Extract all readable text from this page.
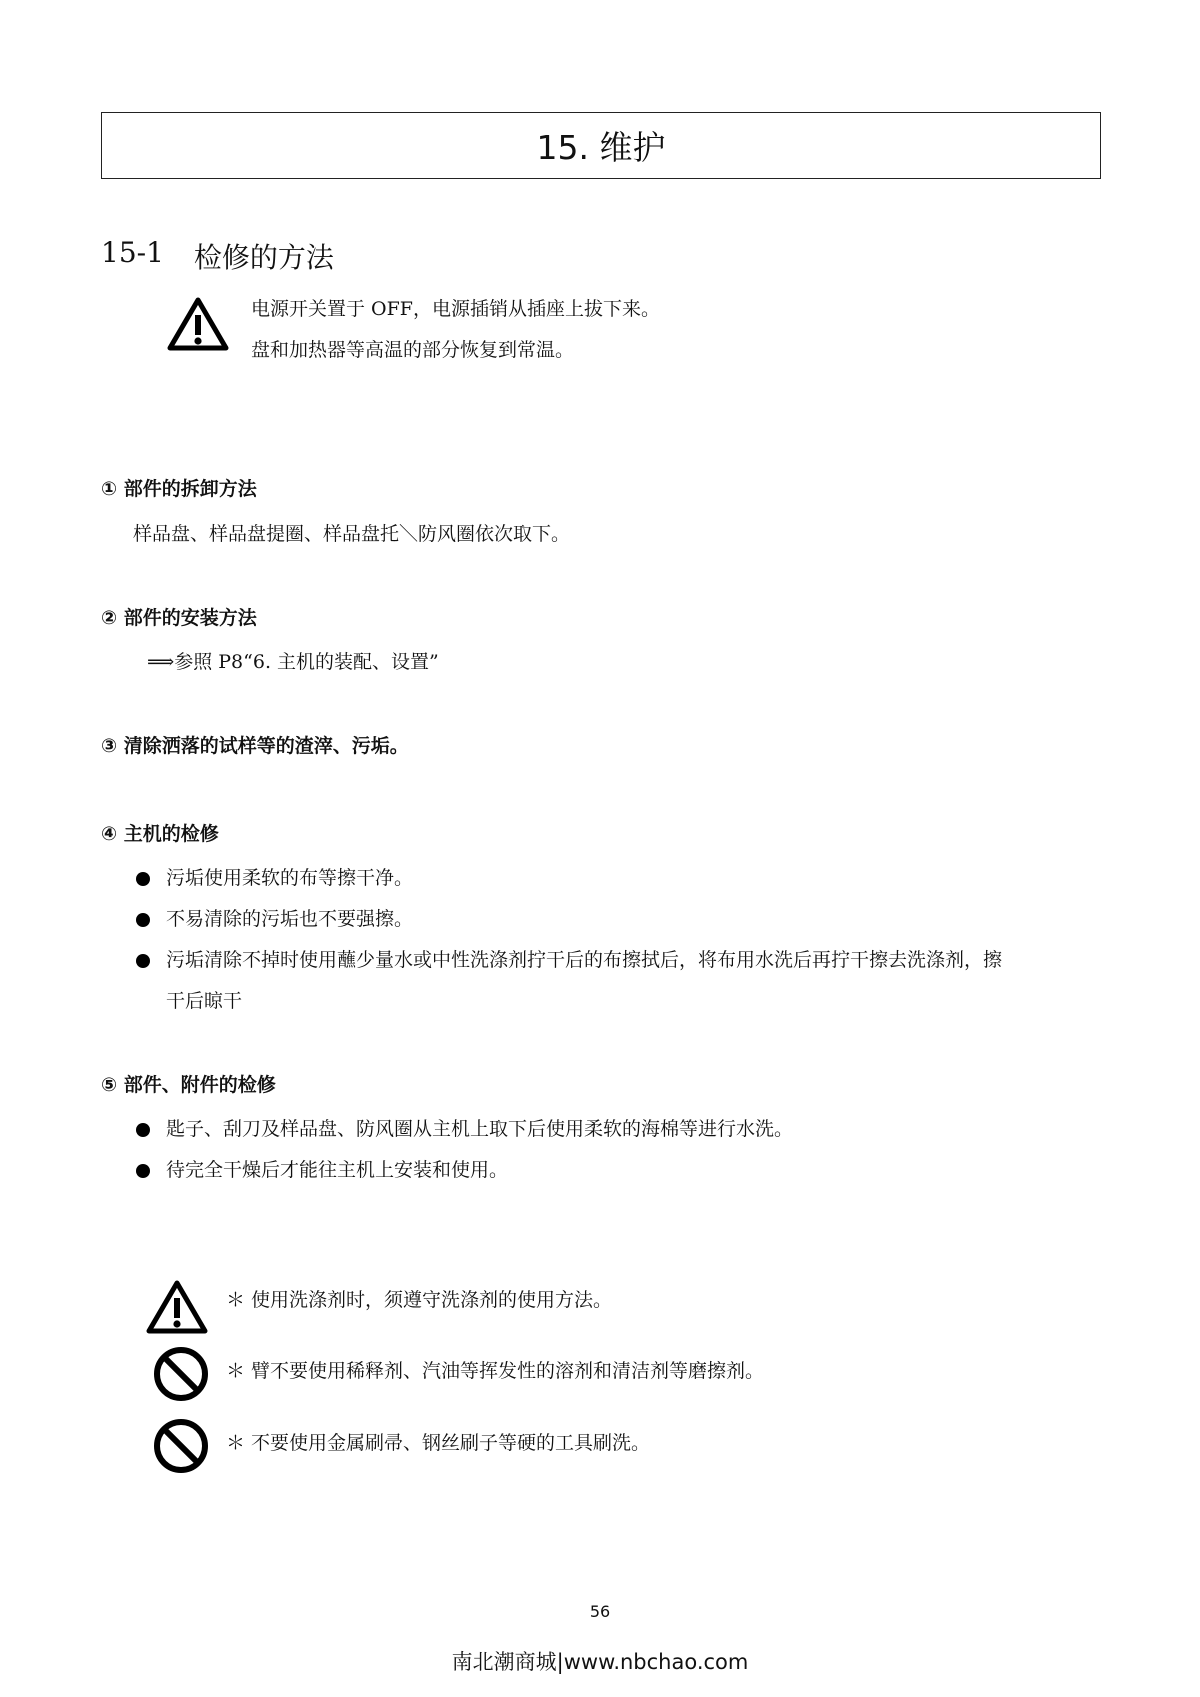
15. 维护
15-1 检修的方法
电源开关置于 OFF，电源插销从插座上拔下来。
盘和加热器等高温的部分恢复到常温。
① 部件的拆卸方法
样品盘、样品盘提圈、样品盘托＼防风圈依次取下。
② 部件的安装方法
⟹参照 P8“6. 主机的装配、设置”
③ 清除洒落的试样等的渣滓、污垢。
④ 主机的检修
污垢使用柔软的布等擦干净。
不易清除的污垢也不要强擦。
污垢清除不掉时使用蘸少量水或中性洗涤剂拧干后的布擦拭后，将布用水洗后再拧干擦去洗涤剂，擦
干后晾干
⑤ 部件、附件的检修
匙子、刮刀及样品盘、防风圈从主机上取下后使用柔软的海棉等进行水洗。
待完全干燥后才能往主机上安装和使用。
＊ 使用洗涤剂时，须遵守洗涤剂的使用方法。
＊ 臂不要使用稀释剂、汽油等挥发性的溶剂和清洁剂等磨擦剂。
＊ 不要使用金属刷帚、钢丝刷子等硬的工具刷洗。
56
南北潮商城|www.nbchao.com
